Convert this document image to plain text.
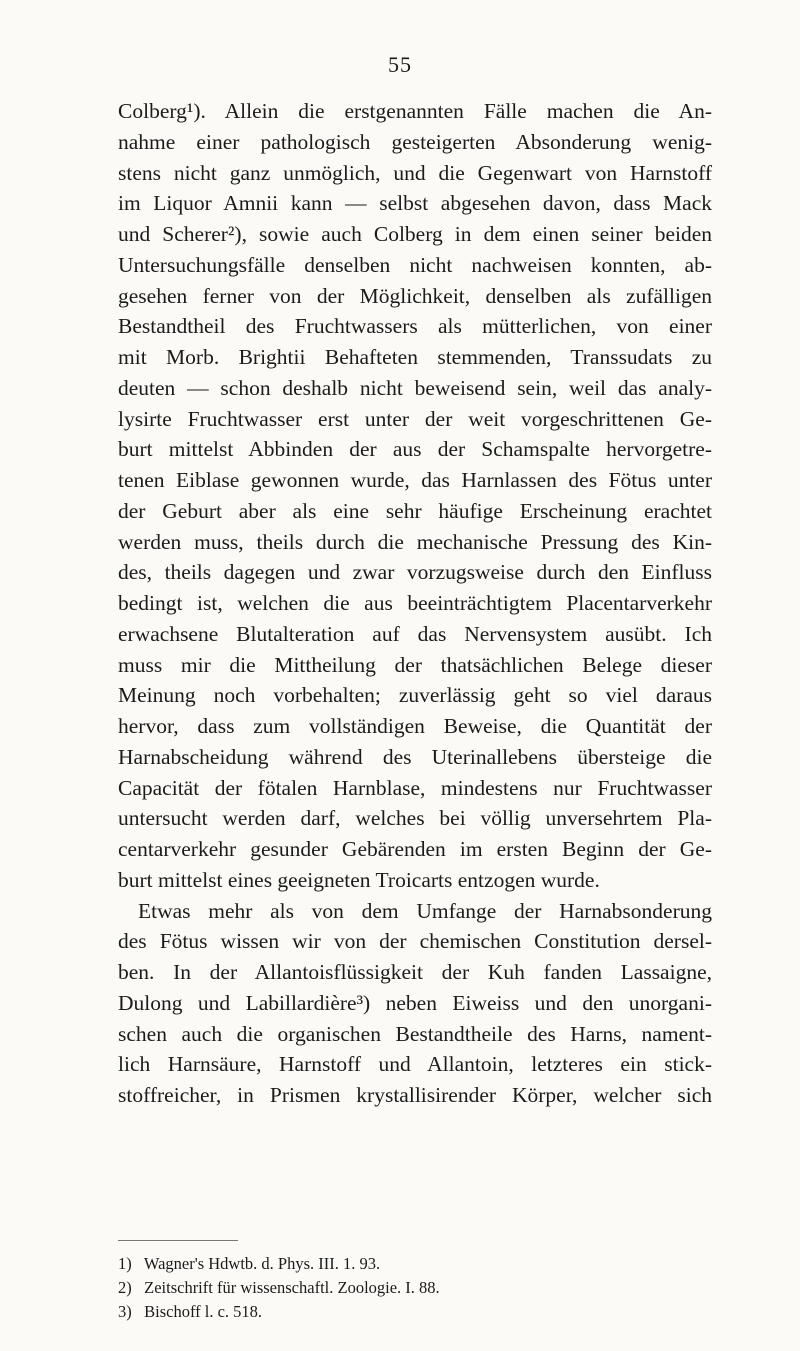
55
Colberg¹). Allein die erstgenannten Fälle machen die An-
nahme einer pathologisch gesteigerten Absonderung wenig-
stens nicht ganz unmöglich, und die Gegenwart von Harnstoff
im Liquor Amnii kann — selbst abgesehen davon, dass Mack
und Scherer²), sowie auch Colberg in dem einen seiner beiden
Untersuchungsfälle denselben nicht nachweisen konnten, ab-
gesehen ferner von der Möglichkeit, denselben als zufälligen
Bestandtheil des Fruchtwassers als mütterlichen, von einer
mit Morb. Brightii Behafteten stemmenden, Transsudats zu
deuten — schon deshalb nicht beweisend sein, weil das analy-
lysirte Fruchtwasser erst unter der weit vorgeschrittenen Ge-
burt mittelst Abbinden der aus der Schamspalte hervorgetre-
tenen Eiblase gewonnen wurde, das Harnlassen des Fötus unter
der Geburt aber als eine sehr häufige Erscheinung erachtet
werden muss, theils durch die mechanische Pressung des Kin-
des, theils dagegen und zwar vorzugsweise durch den Einfluss
bedingt ist, welchen die aus beeinträchtigtem Placentarverkehr
erwachsene Blutalteration auf das Nervensystem ausübt. Ich
muss mir die Mittheilung der thatsächlichen Belege dieser
Meinung noch vorbehalten; zuverlässig geht so viel daraus
hervor, dass zum vollständigen Beweise, die Quantität der
Harnabscheidung während des Uterinallebens übersteige die
Capacität der fötalen Harnblase, mindestens nur Fruchtwasser
untersucht werden darf, welches bei völlig unversehrtem Pla-
centarverkehr gesunder Gebärenden im ersten Beginn der Ge-
burt mittelst eines geeigneten Troicarts entzogen wurde.
Etwas mehr als von dem Umfange der Harnabsonderung
des Fötus wissen wir von der chemischen Constitution dersel-
ben. In der Allantoisflüssigkeit der Kuh fanden Lassaigne,
Dulong und Labillardière³) neben Eiweiss und den unorgani-
schen auch die organischen Bestandtheile des Harns, nament-
lich Harnsäure, Harnstoff und Allantoin, letzteres ein stick-
stoffreicher, in Prismen krystallisirender Körper, welcher sich
1) Wagner's Hdwtb. d. Phys. III. 1. 93.
2) Zeitschrift für wissenschaftl. Zoologie. I. 88.
3) Bischoff l. c. 518.
